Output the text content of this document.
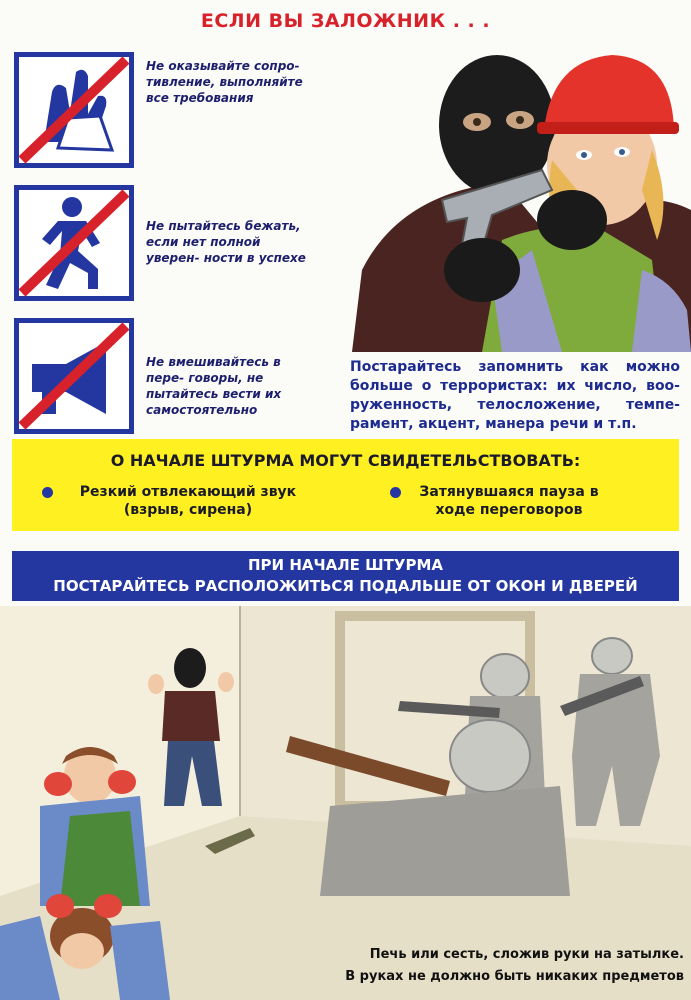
ЕСЛИ ВЫ ЗАЛОЖНИК . . .
Не оказывайте сопро- тивление, выполняйте все требования
Не пытайтесь бежать, если нет полной уверен- ности в успехе
Не вмешивайтесь в пере- говоры, не пытайтесь вести их самостоятельно
Постарайтесь запомнить как можно больше о террористах: их число, воо- руженность, телосложение, темпе- рамент, акцент, манера речи и т.п.
О НАЧАЛЕ ШТУРМА МОГУТ СВИДЕТЕЛЬСТВОВАТЬ:
Резкий отвлекающий звук (взрыв, сирена)
Затянувшаяся пауза в ходе переговоров
ПРИ НАЧАЛЕ ШТУРМА
ПОСТАРАЙТЕСЬ РАСПОЛОЖИТЬСЯ ПОДАЛЬШЕ ОТ ОКОН И ДВЕРЕЙ
Печь или сесть, сложив руки на затылке.
В руках не должно быть никаких предметов
